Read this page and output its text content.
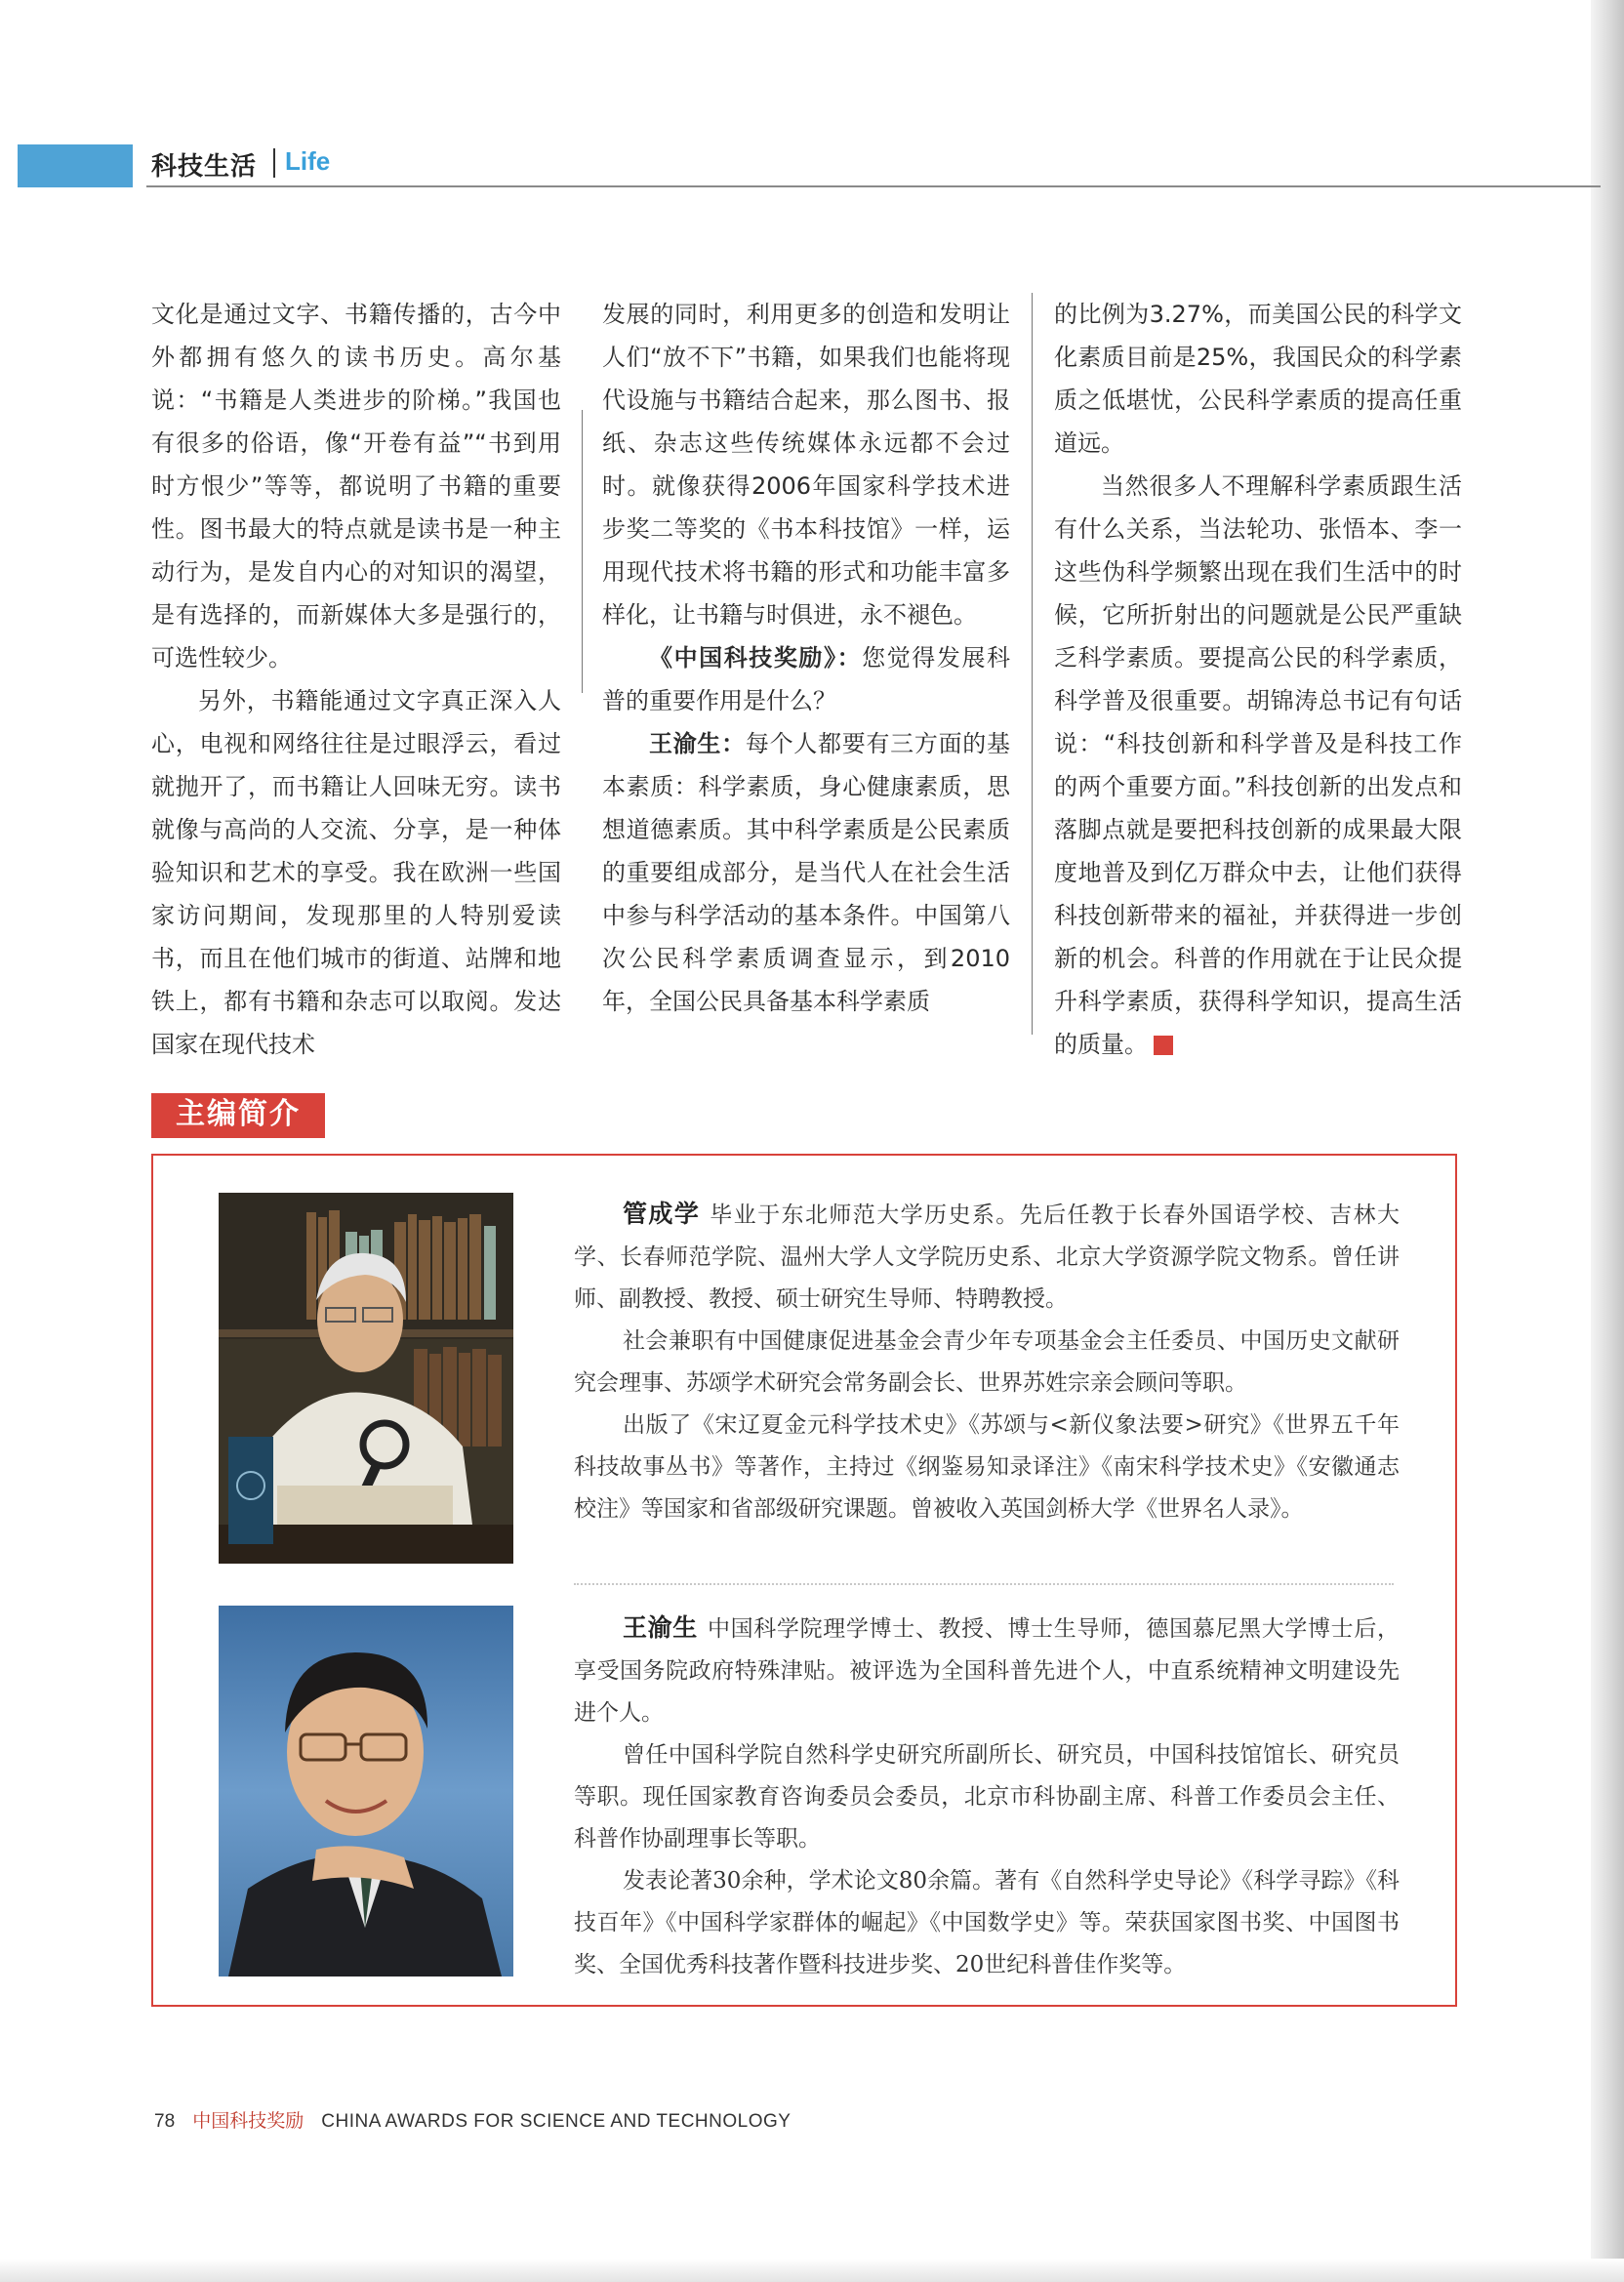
科技生活 Life

文化是通过文字、书籍传播的，古今中外都拥有悠久的读书历史。高尔基说：“书籍是人类进步的阶梯。”我国也有很多的俗语，像“开卷有益”“书到用时方恨少”等等，都说明了书籍的重要性。图书最大的特点就是读书是一种主动行为，是发自内心的对知识的渴望，是有选择的，而新媒体大多是强行的，可选性较少。

另外，书籍能通过文字真正深入人心，电视和网络往往是过眼浮云，看过就抛开了，而书籍让人回味无穷。读书就像与高尚的人交流、分享，是一种体验知识和艺术的享受。我在欧洲一些国家访问期间，发现那里的人特别爱读书，而且在他们城市的街道、站牌和地铁上，都有书籍和杂志可以取阅。发达国家在现代技术

发展的同时，利用更多的创造和发明让人们“放不下”书籍，如果我们也能将现代设施与书籍结合起来，那么图书、报纸、杂志这些传统媒体永远都不会过时。就像获得2006年国家科学技术进步奖二等奖的《书本科技馆》一样，运用现代技术将书籍的形式和功能丰富多样化，让书籍与时俱进，永不褪色。

《中国科技奖励》：您觉得发展科普的重要作用是什么？

王渝生：每个人都要有三方面的基本素质：科学素质，身心健康素质，思想道德素质。其中科学素质是公民素质的重要组成部分，是当代人在社会生活中参与科学活动的基本条件。中国第八次公民科学素质调查显示，到2010年，全国公民具备基本科学素质

的比例为3.27%，而美国公民的科学文化素质目前是25%，我国民众的科学素质之低堪忧，公民科学素质的提高任重道远。

当然很多人不理解科学素质跟生活有什么关系，当法轮功、张悟本、李一这些伪科学频繁出现在我们生活中的时候，它所折射出的问题就是公民严重缺乏科学素质。要提高公民的科学素质，科学普及很重要。胡锦涛总书记有句话说：“科技创新和科学普及是科技工作的两个重要方面。”科技创新的出发点和落脚点就是要把科技创新的成果最大限度地普及到亿万群众中去，让他们获得科技创新带来的福祉，并获得进一步创新的机会。科普的作用就在于让民众提升科学素质，获得科学知识，提高生活的质量。	※

主编简介

管成学 毕业于东北师范大学历史系。先后任教于长春外国语学校、吉林大学、长春师范学院、温州大学人文学院历史系、北京大学资源学院文物系。曾任讲师、副教授、教授、硕士研究生导师、特聘教授。

社会兼职有中国健康促进基金会青少年专项基金会主任委员、中国历史文献研究会理事、苏颂学术研究会常务副会长、世界苏姓宗亲会顾问等职。

出版了《宋辽夏金元科学技术史》《苏颂与<新仪象法要>研究》《世界五千年科技故事丛书》等著作，主持过《纲鉴易知录译注》《南宋科学技术史》《安徽通志校注》等国家和省部级研究课题。曾被收入英国剑桥大学《世界名人录》。

王渝生 中国科学院理学博士、教授、博士生导师，德国慕尼黑大学博士后，享受国务院政府特殊津贴。被评选为全国科普先进个人，中直系统精神文明建设先进个人。

曾任中国科学院自然科学史研究所副所长、研究员，中国科技馆馆长、研究员等职。现任国家教育咨询委员会委员，北京市科协副主席、科普工作委员会主任、科普作协副理事长等职。

发表论著30余种，学术论文80余篇。著有《自然科学史导论》《科学寻踪》《科技百年》《中国科学家群体的崛起》《中国数学史》等。荣获国家图书奖、中国图书奖、全国优秀科技著作暨科技进步奖、20世纪科普佳作奖等。

78 中国科技奖励 CHINA AWARDS FOR SCIENCE AND TECHNOLOGY
